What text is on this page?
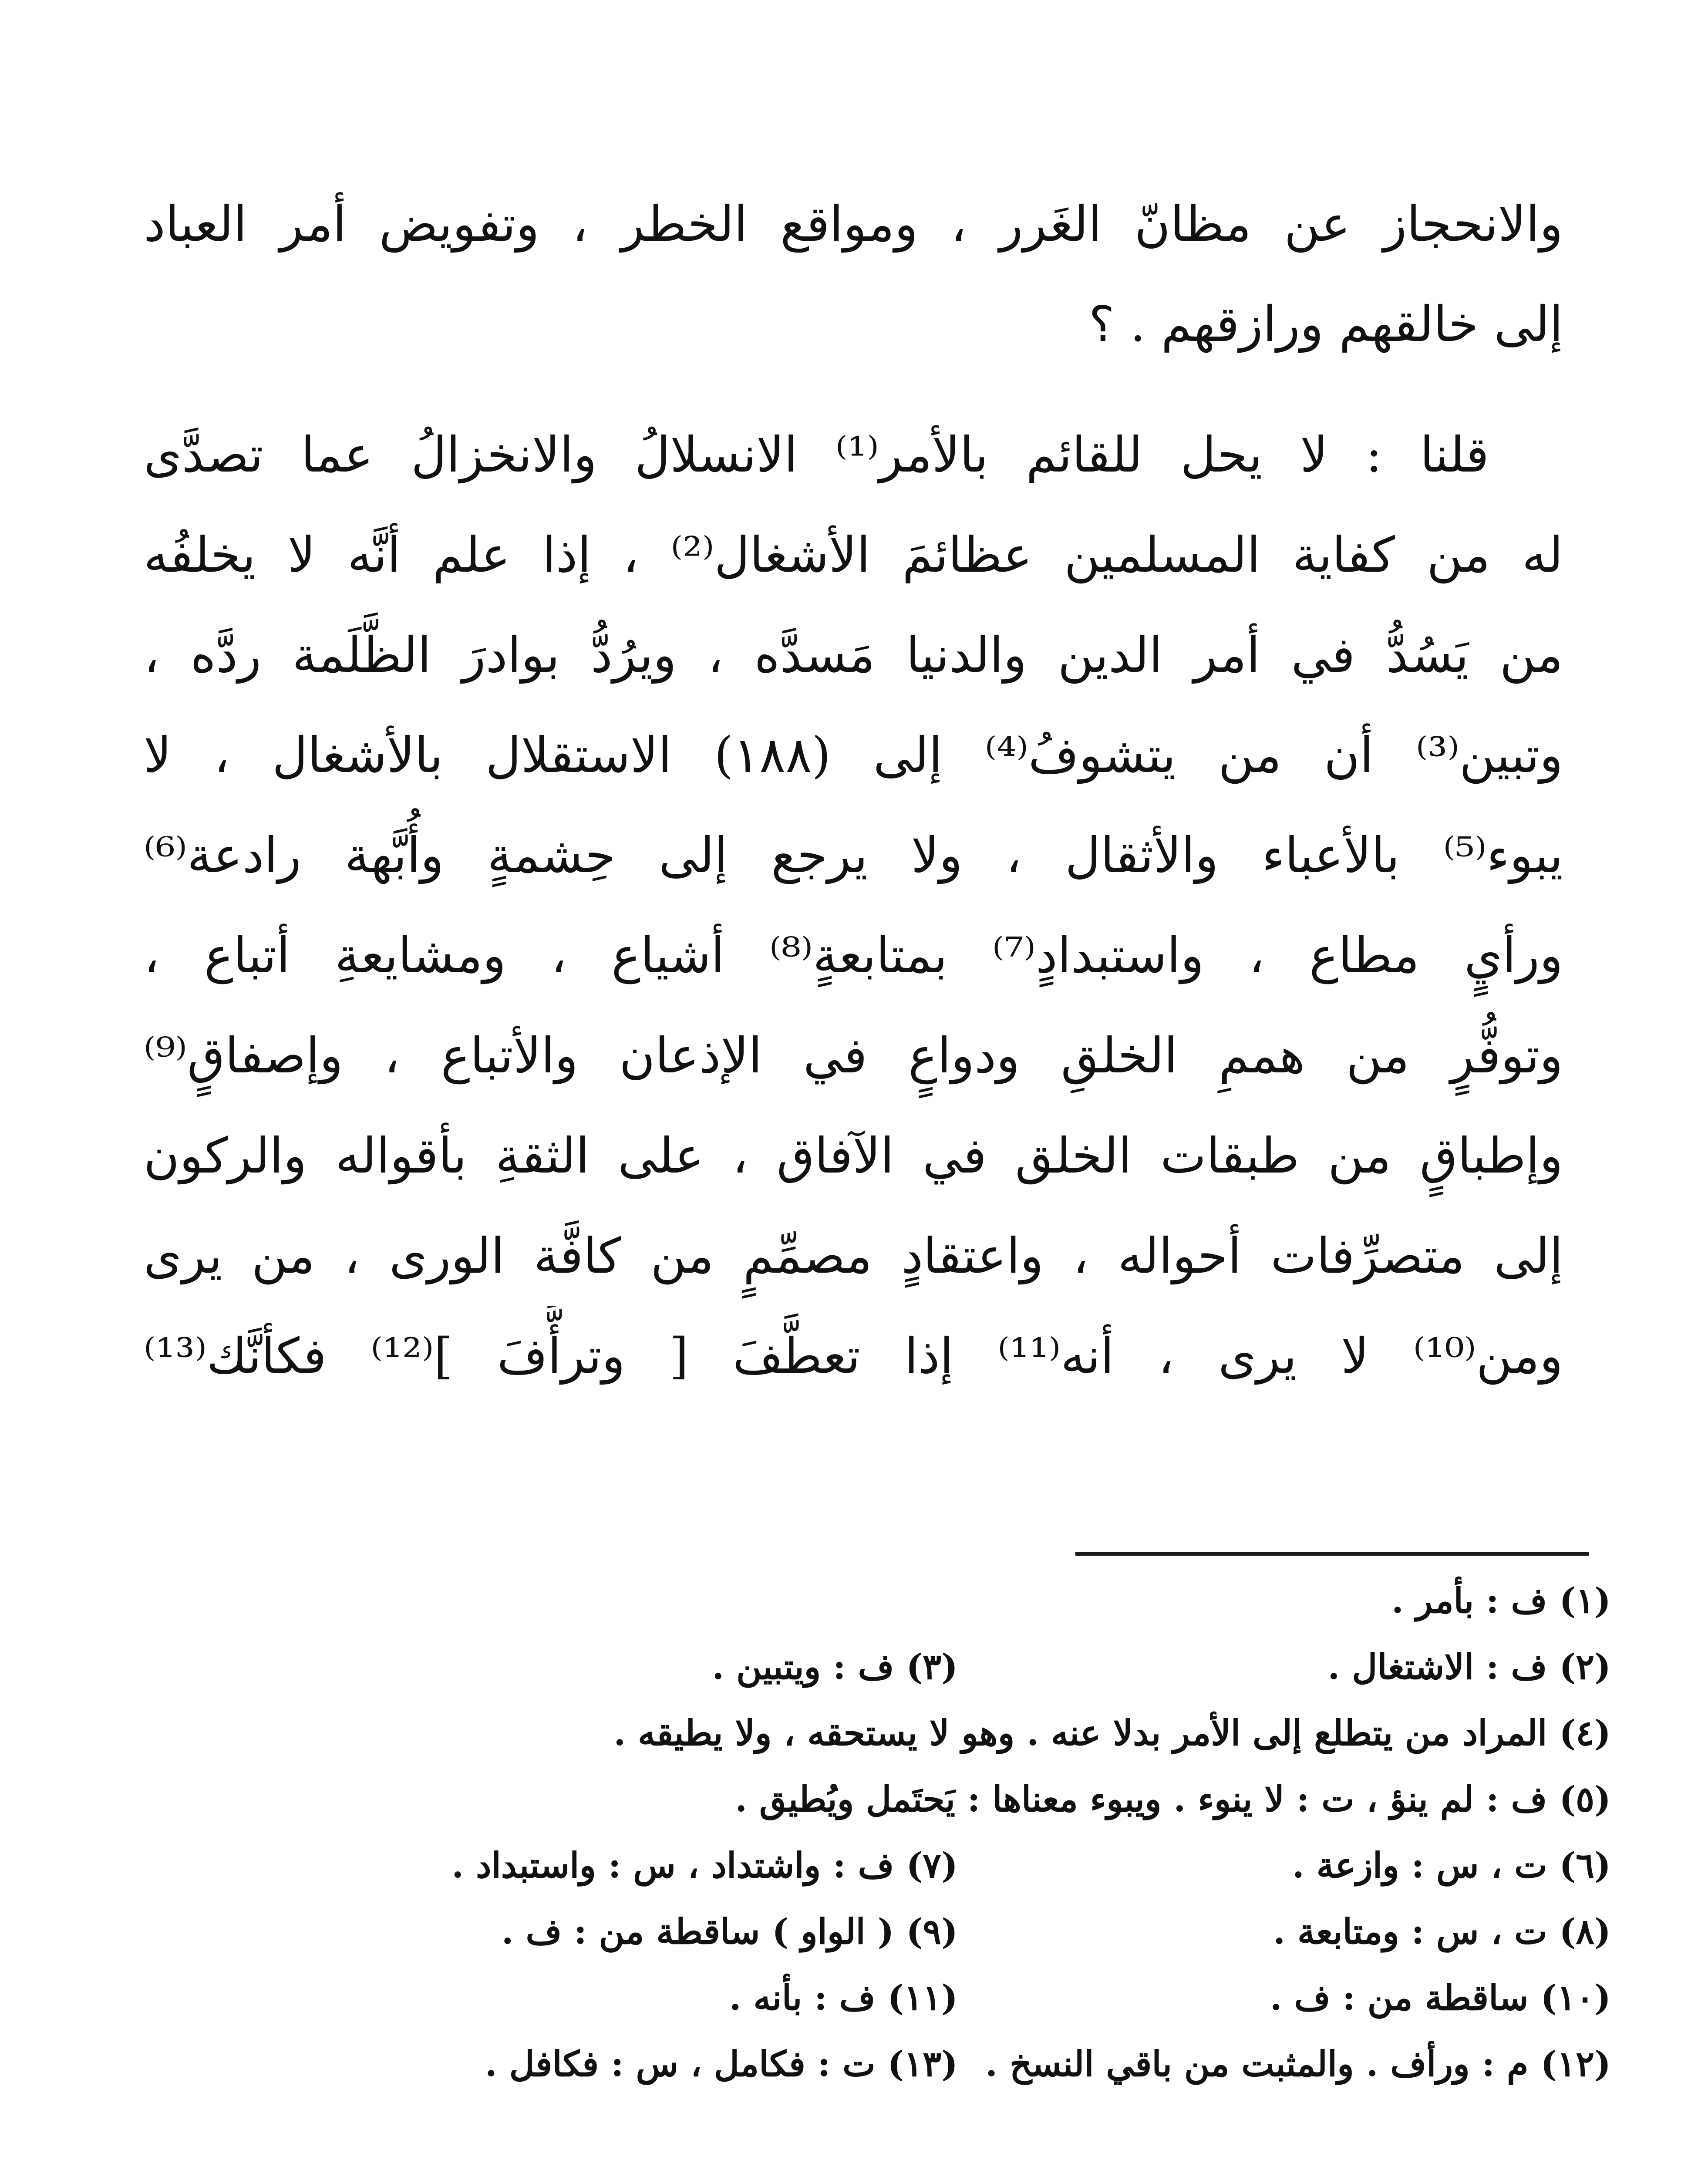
والانحجاز عن مظانّ الغَرر ، ومواقع الخطر ، وتفويض أمر العباد
إلى خالقهم ورازقهم . ؟
قلنا : لا يحل للقائم بالأمر⁽¹⁾ الانسلالُ والانخزالُ عما تصدَّى
له من كفاية المسلمين عظائمَ الأشغال⁽²⁾ ، إذا علم أنَّه لا يخلفُه
من يَسُدُّ في أمر الدين والدنيا مَسدَّه ، ويرُدُّ بوادرَ الظَّلَمة ردَّه ،
وتبين⁽³⁾ أن من يتشوفُ⁽⁴⁾ إلى (١٨٨) الاستقلال بالأشغال ، لا
يبوء⁽⁵⁾ بالأعباء والأثقال ، ولا يرجع إلى حِشمةٍ وأُبَّهة رادعة⁽⁶⁾
ورأيٍ مطاع ، واستبدادٍ⁽⁷⁾ بمتابعةٍ⁽⁸⁾ أشياع ، ومشايعةِ أتباع ،
وتوفُّرٍ من هممِ الخلقِ ودواعٍ في الإذعان والأتباع ، وإصفاقٍ⁽⁹⁾
وإطباقٍ من طبقات الخلق في الآفاق ، على الثقةِ بأقواله والركون
إلى متصرِّفات أحواله ، واعتقادٍ مصمِّمٍ من كافَّة الورى ، من يرى
ومن⁽¹⁰⁾ لا يرى ، أنه⁽¹¹⁾ إذا تعطَّفَ [ وترأَّفَ ]⁽¹²⁾ فكأنَّك⁽¹³⁾
(١) ف : بأمر .
(٢) ف : الاشتغال .
(٣) ف : ويتبين .
(٤) المراد من يتطلع إلى الأمر بدلا عنه . وهو لا يستحقه ، ولا يطيقه .
(٥) ف : لم ينؤ ، ت : لا ينوء . ويبوء معناها : يَحتَمل ويُطيق .
(٦) ت ، س : وازعة .
(٧) ف : واشتداد ، س : واستبداد .
(٨) ت ، س : ومتابعة .
(٩) ( الواو ) ساقطة من : ف .
(١٠) ساقطة من : ف .
(١١) ف : بأنه .
(١٢) م : ورأف . والمثبت من باقي النسخ .
(١٣) ت : فكامل ، س : فكافل .
